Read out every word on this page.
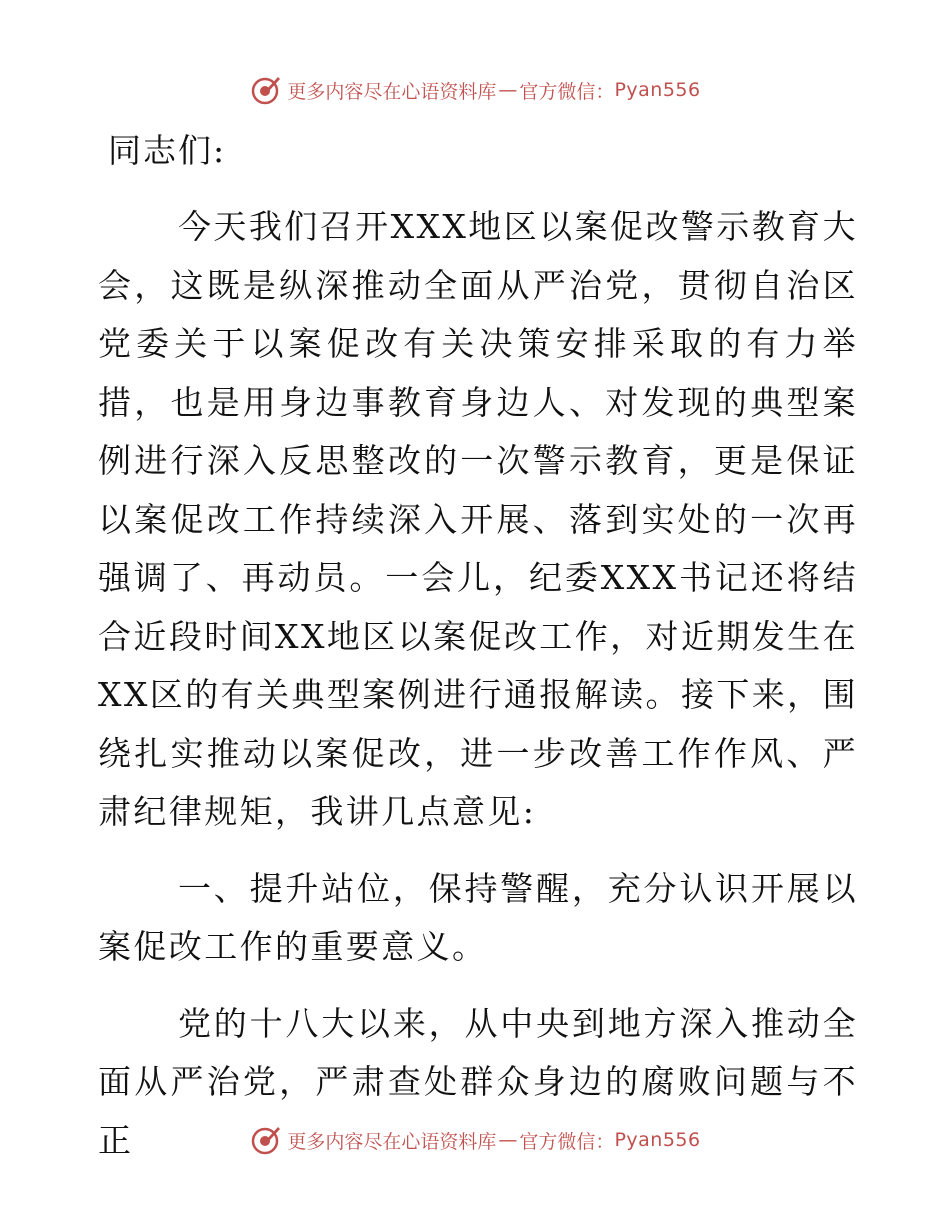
更多内容尽在心语资料库 — 官方微信： Pyan556
同志们:

今天我们召开XXX地区以案促改警示教育大会，这既是纵深推动全面从严治党，贯彻自治区党委关于以案促改有关决策安排采取的有力举措，也是用身边事教育身边人、对发现的典型案例进行深入反思整改的一次警示教育，更是保证以案促改工作持续深入开展、落到实处的一次再强调了、再动员。一会儿，纪委XXX书记还将结合近段时间XX地区以案促改工作，对近期发生在XX区的有关典型案例进行通报解读。接下来，围绕扎实推动以案促改，进一步改善工作作风、严肃纪律规矩，我讲几点意见:

一、提升站位，保持警醒，充分认识开展以案促改工作的重要意义。

党的十八大以来，从中央到地方深入推动全面从严治党，严肃查处群众身边的腐败问题与不正	更多内容尽在心语资料库 — 官方微信： Pyan556
